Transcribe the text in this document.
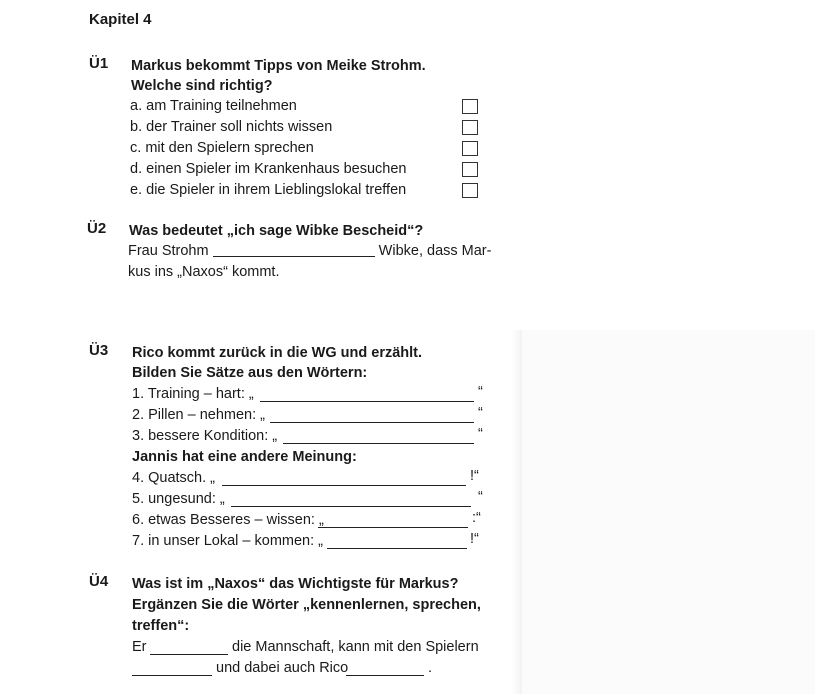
Kapitel 4
Ü1 Markus bekommt Tipps von Meike Strohm.
Welche sind richtig?
a. am Training teilnehmen
b. der Trainer soll nichts wissen
c. mit den Spielern sprechen
d. einen Spieler im Krankenhaus besuchen
e. die Spieler in ihrem Lieblingslokal treffen
Ü2 Was bedeutet „ich sage Wibke Bescheid“?
Frau Strohm	Wibke, dass Mar-
kus ins „Naxos“ kommt.
Ü3 Rico kommt zurück in die WG und erzählt.
Bilden Sie Sätze aus den Wörtern:
1. Training – hart: „	“
2. Pillen – nehmen: „	“
3. bessere Kondition: „	“
Jannis hat eine andere Meinung:
4. Quatsch. „	!“
5. ungesund: „	“
6. etwas Besseres – wissen: „	:“
7. in unser Lokal – kommen: „	!“
Ü4 Was ist im „Naxos“ das Wichtigste für Markus?
Ergänzen Sie die Wörter „kennenlernen, sprechen,
treffen“:
Er	die Mannschaft, kann mit den Spielern
und dabei auch Rico	.
